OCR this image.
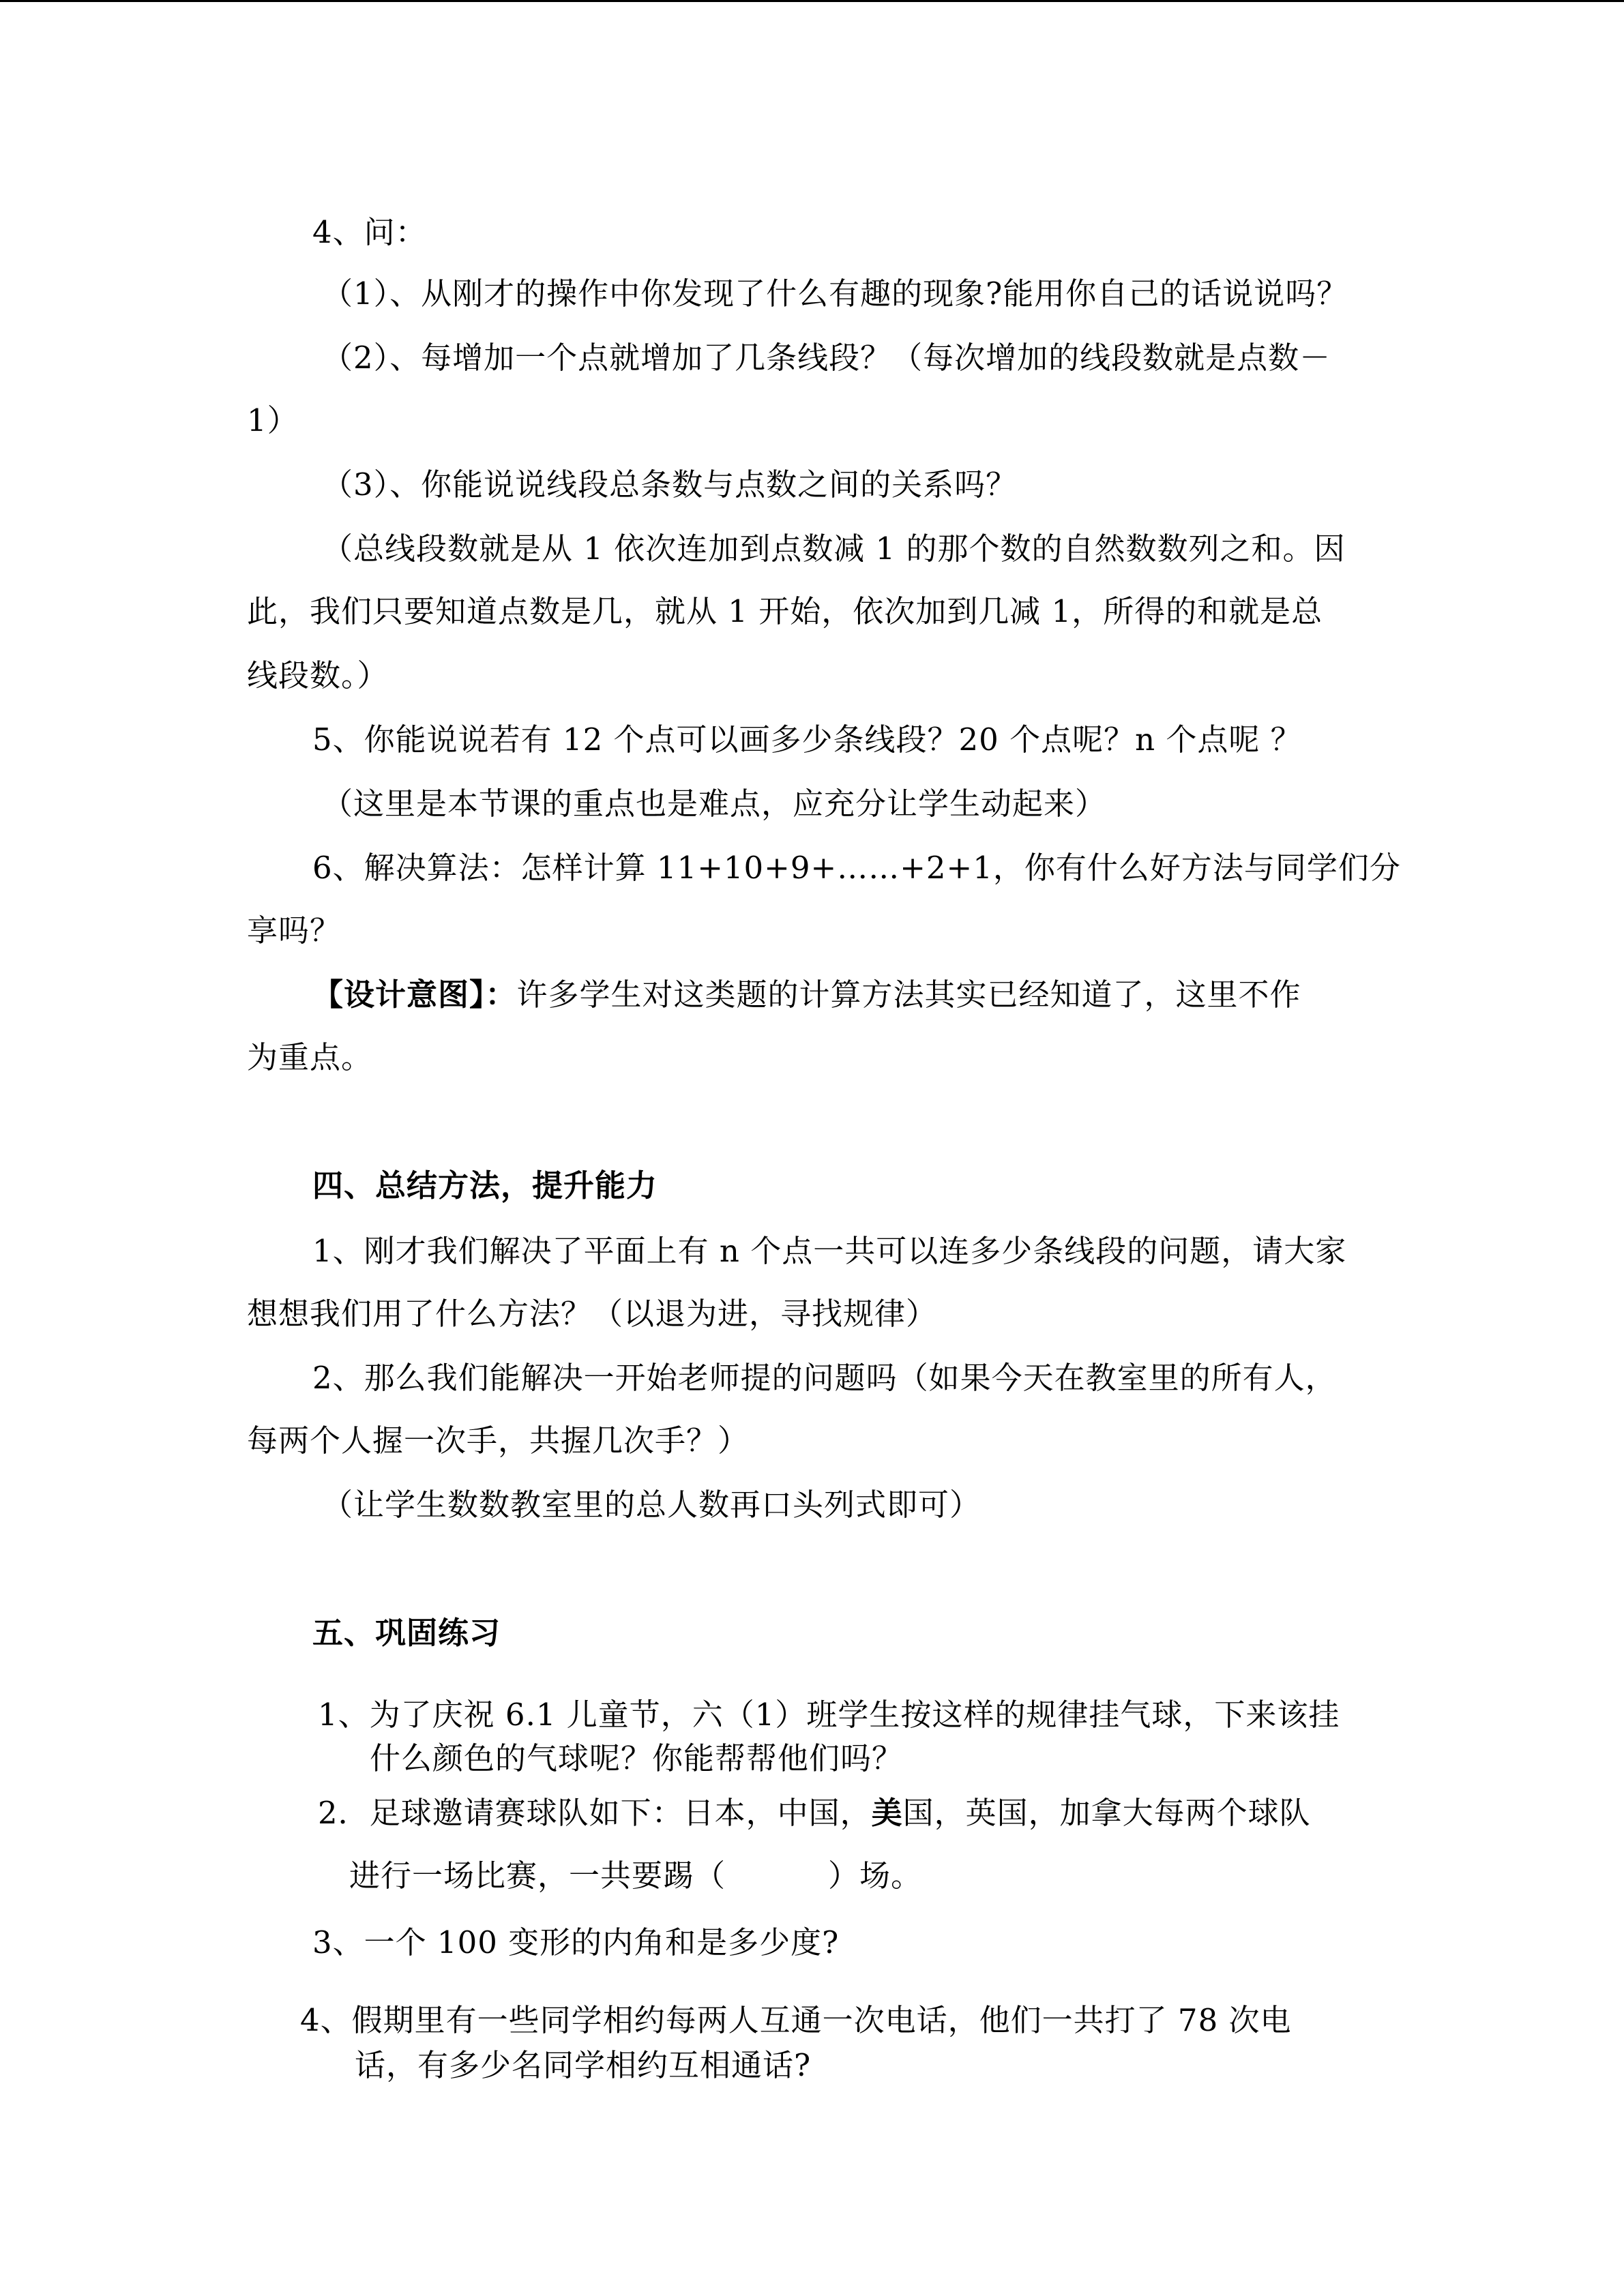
4、问：
（1）、从刚才的操作中你发现了什么有趣的现象?能用你自己的话说说吗？
（2）、每增加一个点就增加了几条线段？（每次增加的线段数就是点数－
1）
（3）、你能说说线段总条数与点数之间的关系吗？
（总线段数就是从 1 依次连加到点数减 1 的那个数的自然数数列之和。因
此，我们只要知道点数是几，就从 1 开始，依次加到几减 1，所得的和就是总
线段数。）
5、你能说说若有 12 个点可以画多少条线段？20 个点呢？n 个点呢 ？
（这里是本节课的重点也是难点，应充分让学生动起来）
6、解决算法：怎样计算 11+10+9+……+2+1，你有什么好方法与同学们分
享吗？
【设计意图】：许多学生对这类题的计算方法其实已经知道了，这里不作
为重点。
四、总结方法，提升能力
1、刚才我们解决了平面上有 n 个点一共可以连多少条线段的问题，请大家
想想我们用了什么方法？（以退为进，寻找规律）
2、那么我们能解决一开始老师提的问题吗（如果今天在教室里的所有人，
每两个人握一次手，共握几次手？）
（让学生数数教室里的总人数再口头列式即可）
五、巩固练习
1、为了庆祝 6.1 儿童节，六（1）班学生按这样的规律挂气球，下来该挂
什么颜色的气球呢？你能帮帮他们吗？
2．足球邀请赛球队如下：日本，中国，美国，英国，加拿大每两个球队
进行一场比赛，一共要踢（	）场。
3、一个 100 变形的内角和是多少度?
4、假期里有一些同学相约每两人互通一次电话，他们一共打了 78 次电
话，有多少名同学相约互相通话?
